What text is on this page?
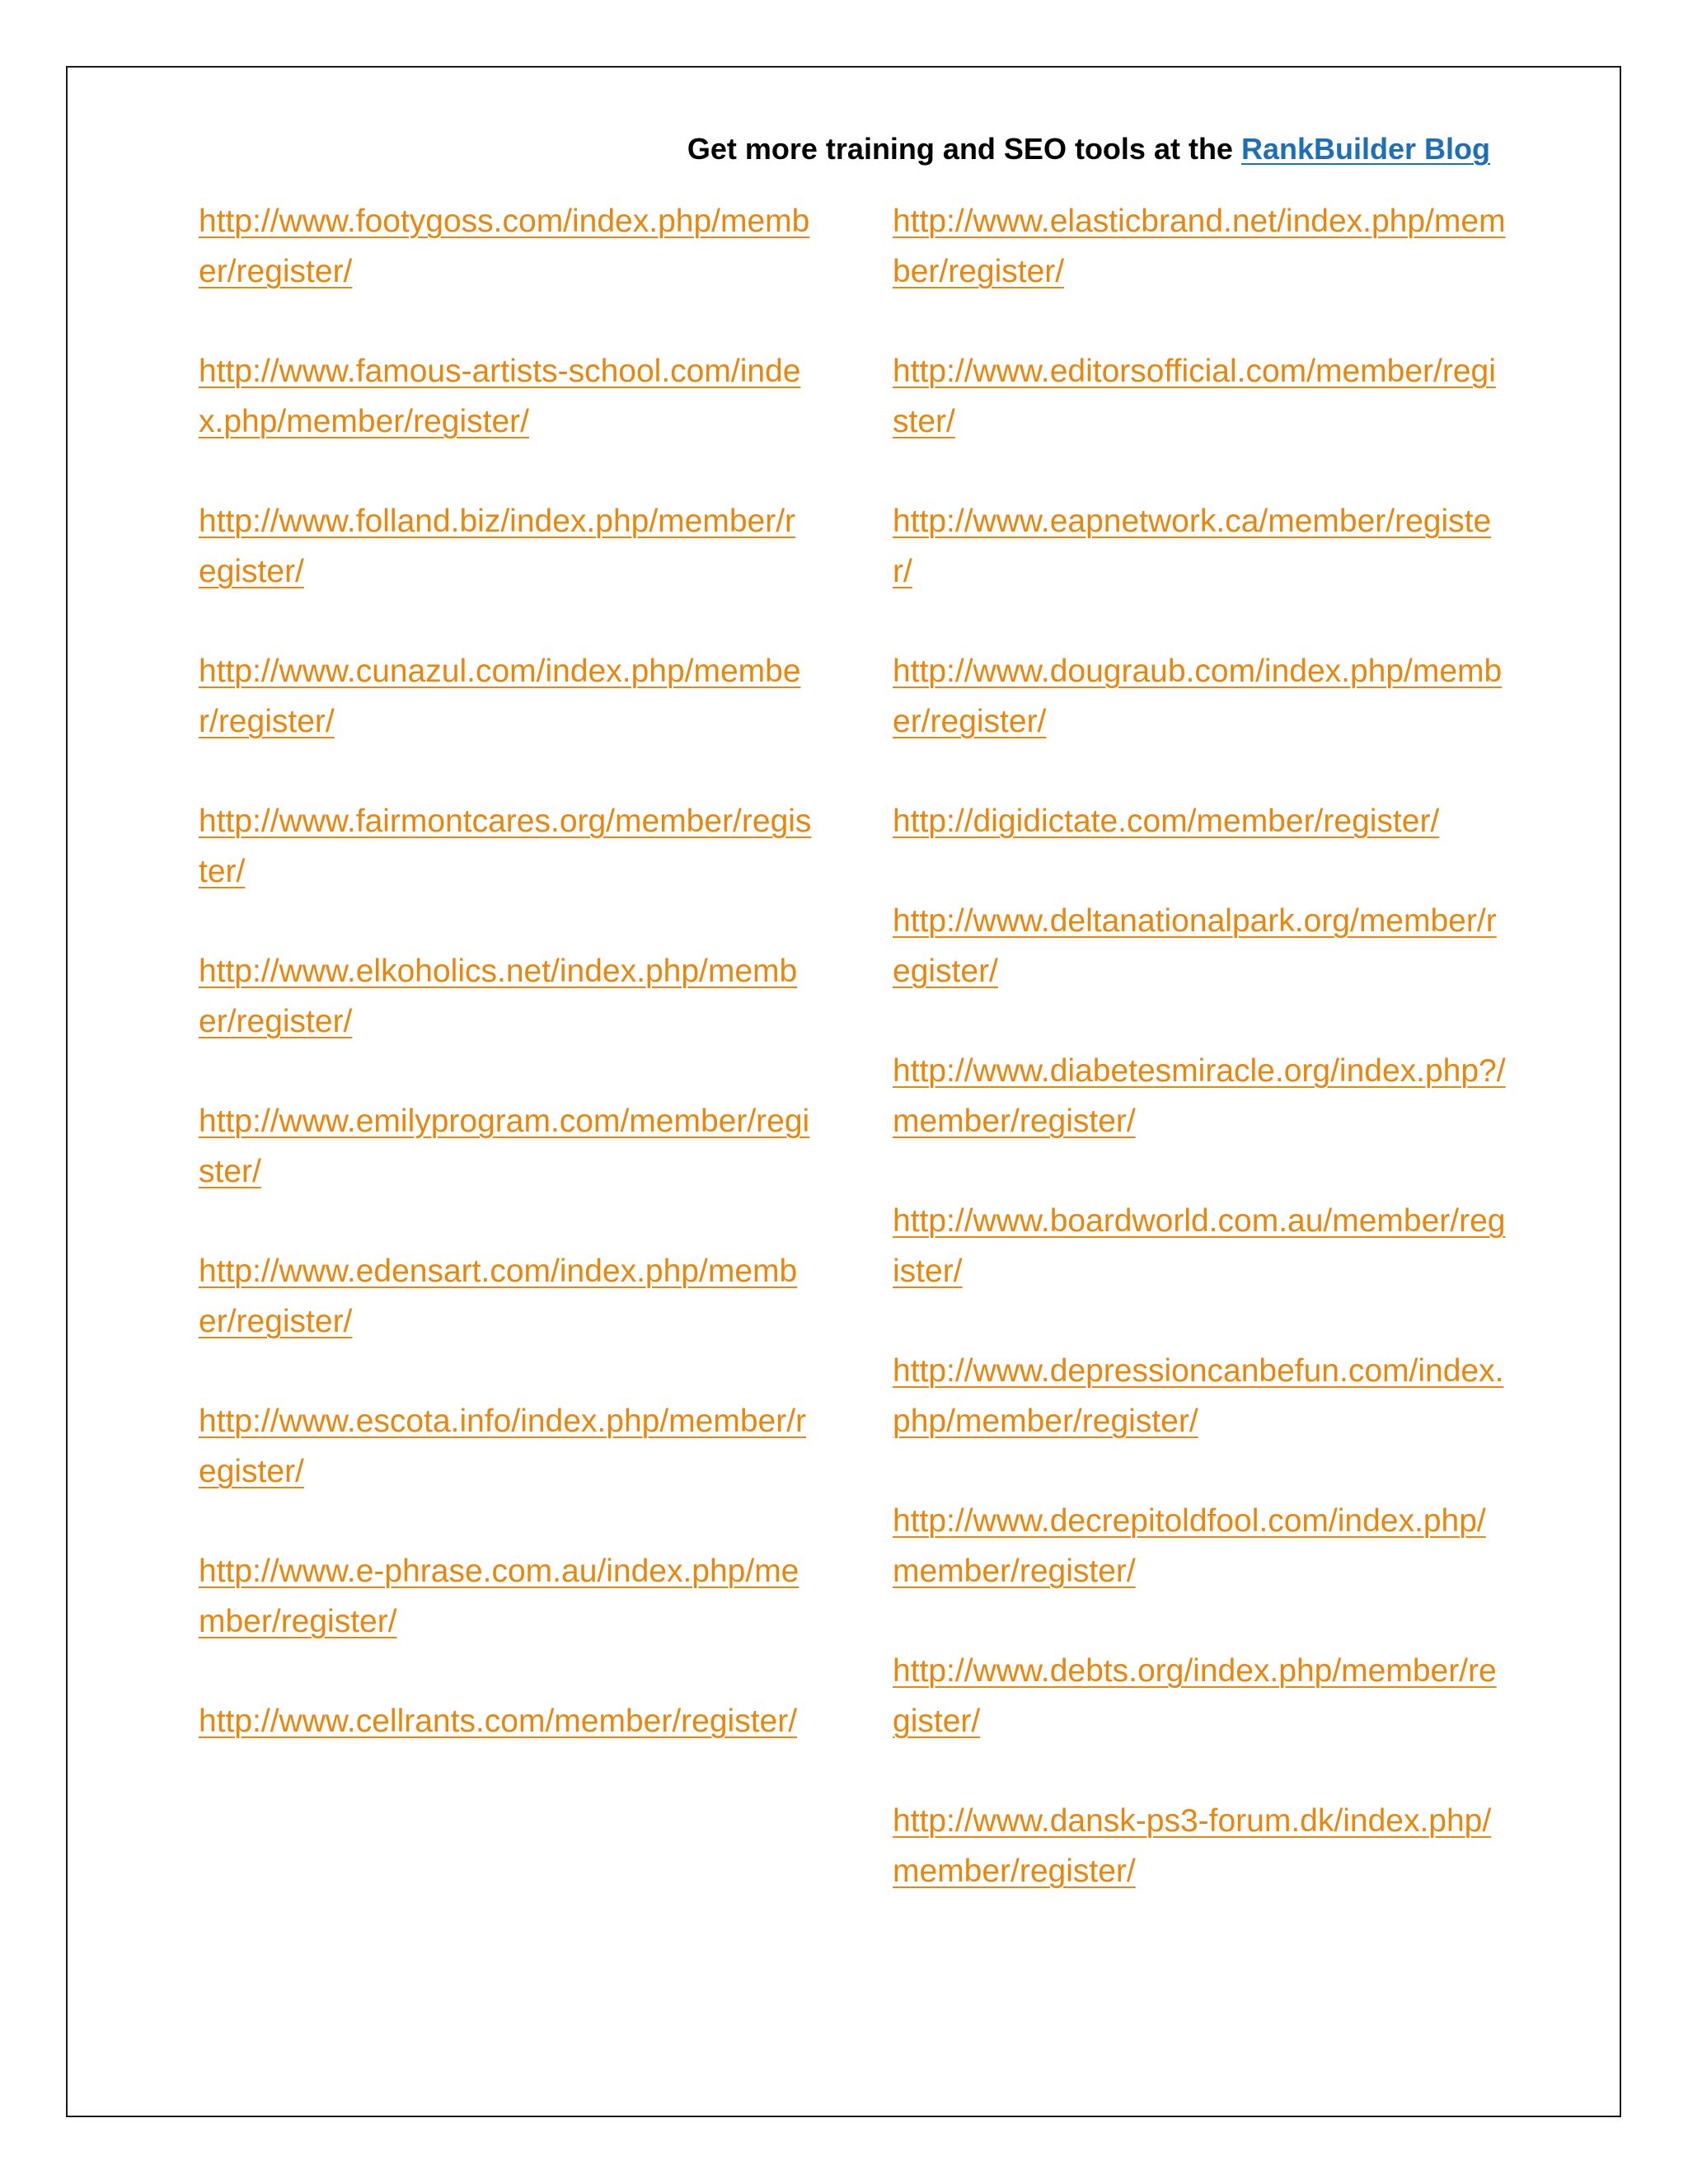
Get more training and SEO tools at the RankBuilder Blog
http://www.footygoss.com/index.php/member/register/
http://www.famous-artists-school.com/index.php/member/register/
http://www.folland.biz/index.php/member/register/
http://www.cunazul.com/index.php/member/register/
http://www.fairmontcares.org/member/register/
http://www.elkoholics.net/index.php/member/register/
http://www.emilyprogram.com/member/register/
http://www.edensart.com/index.php/member/register/
http://www.escota.info/index.php/member/register/
http://www.e-phrase.com.au/index.php/member/register/
http://www.cellrants.com/member/register/
http://www.elasticbrand.net/index.php/member/register/
http://www.editorsofficial.com/member/register/
http://www.eapnetwork.ca/member/register/
http://www.dougraub.com/index.php/member/register/
http://digidictate.com/member/register/
http://www.deltanationalpark.org/member/register/
http://www.diabetesmiracle.org/index.php?/member/register/
http://www.boardworld.com.au/member/register/
http://www.depressioncanbefun.com/index.php/member/register/
http://www.decrepitoldfool.com/index.php/member/register/
http://www.debts.org/index.php/member/register/
http://www.dansk-ps3-forum.dk/index.php/member/register/
